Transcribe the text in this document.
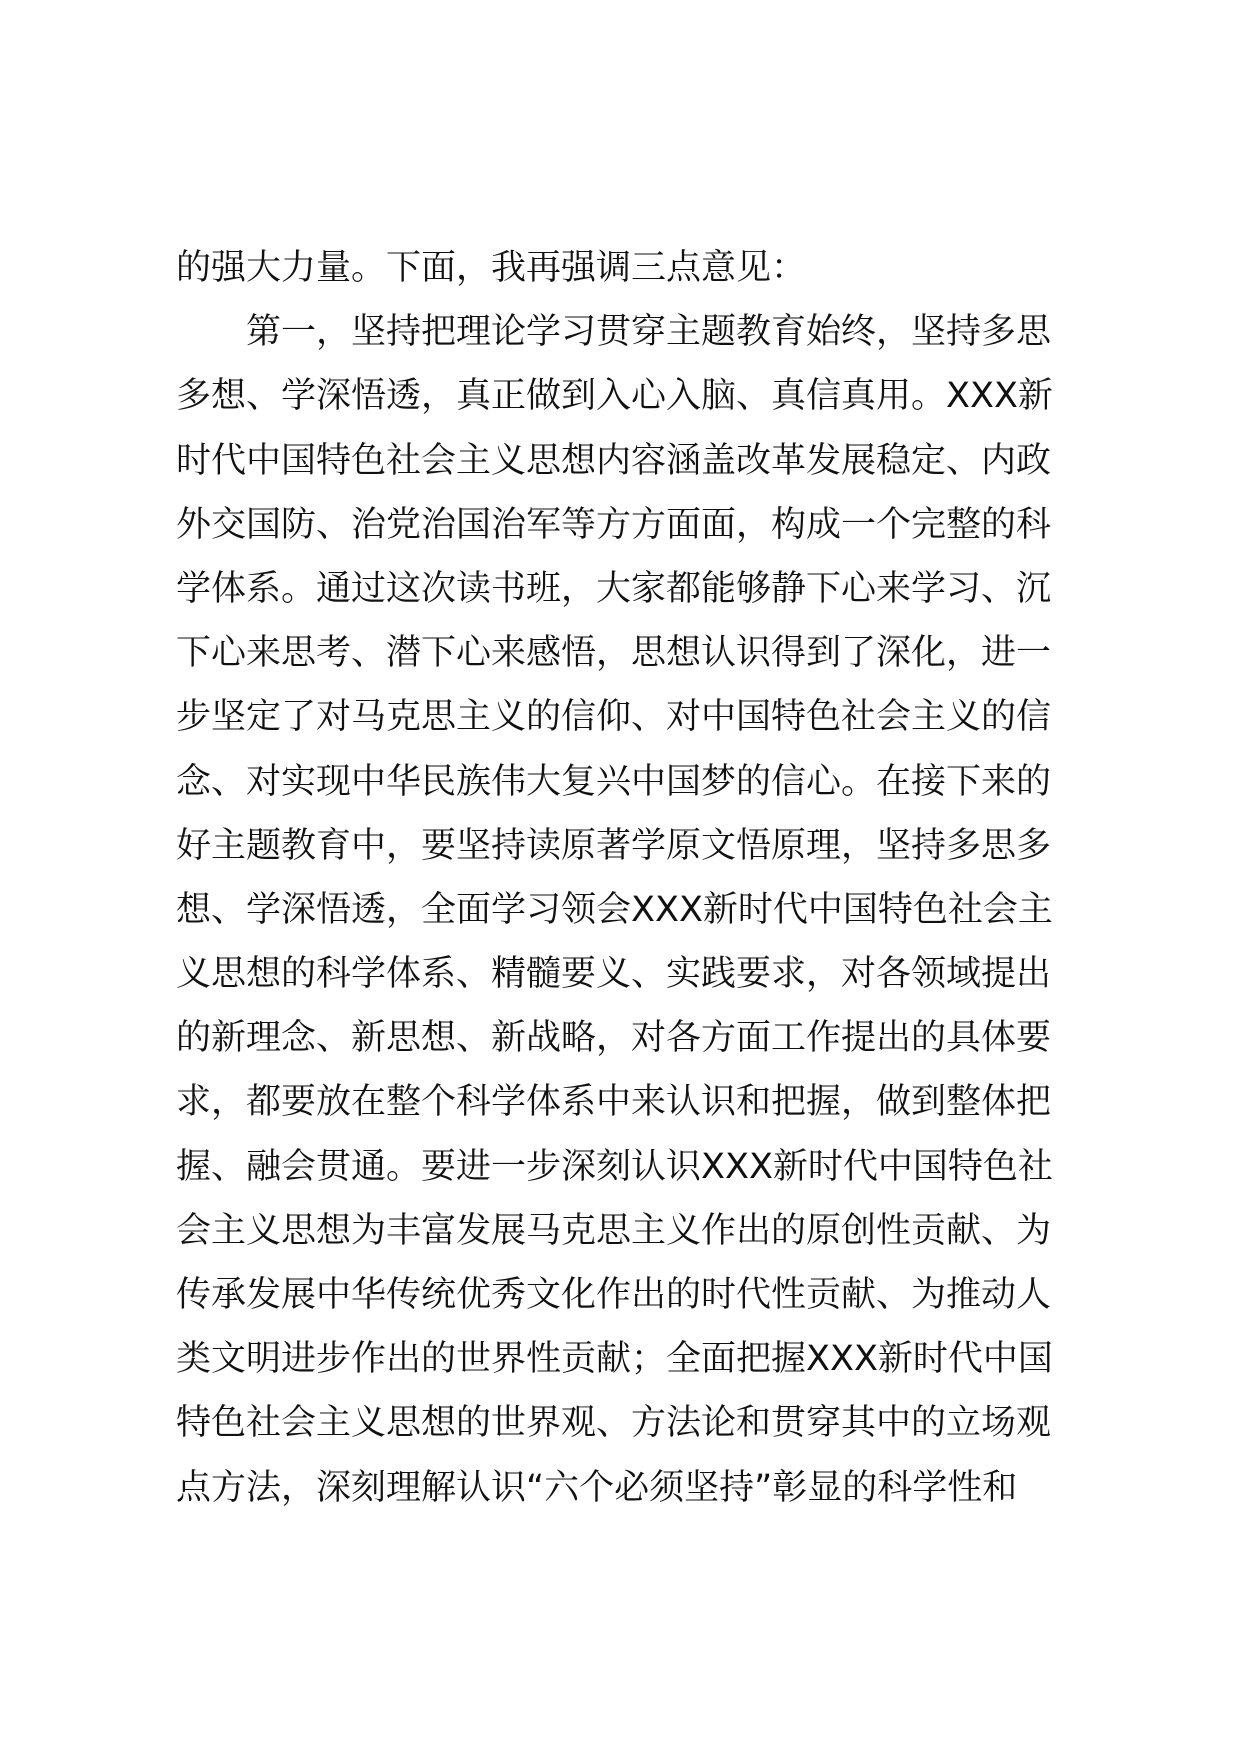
的强大力量。下面，我再强调三点意见：
　　第一，坚持把理论学习贯穿主题教育始终，坚持多思
多想、学深悟透，真正做到入心入脑、真信真用。XXX新
时代中国特色社会主义思想内容涵盖改革发展稳定、内政
外交国防、治党治国治军等方方面面，构成一个完整的科
学体系。通过这次读书班，大家都能够静下心来学习、沉
下心来思考、潜下心来感悟，思想认识得到了深化，进一
步坚定了对马克思主义的信仰、对中国特色社会主义的信
念、对实现中华民族伟大复兴中国梦的信心。在接下来的
好主题教育中，要坚持读原著学原文悟原理，坚持多思多
想、学深悟透，全面学习领会XXX新时代中国特色社会主
义思想的科学体系、精髓要义、实践要求，对各领域提出
的新理念、新思想、新战略，对各方面工作提出的具体要
求，都要放在整个科学体系中来认识和把握，做到整体把
握、融会贯通。要进一步深刻认识XXX新时代中国特色社
会主义思想为丰富发展马克思主义作出的原创性贡献、为
传承发展中华传统优秀文化作出的时代性贡献、为推动人
类文明进步作出的世界性贡献；全面把握XXX新时代中国
特色社会主义思想的世界观、方法论和贯穿其中的立场观
点方法，深刻理解认识“六个必须坚持”彰显的科学性和
